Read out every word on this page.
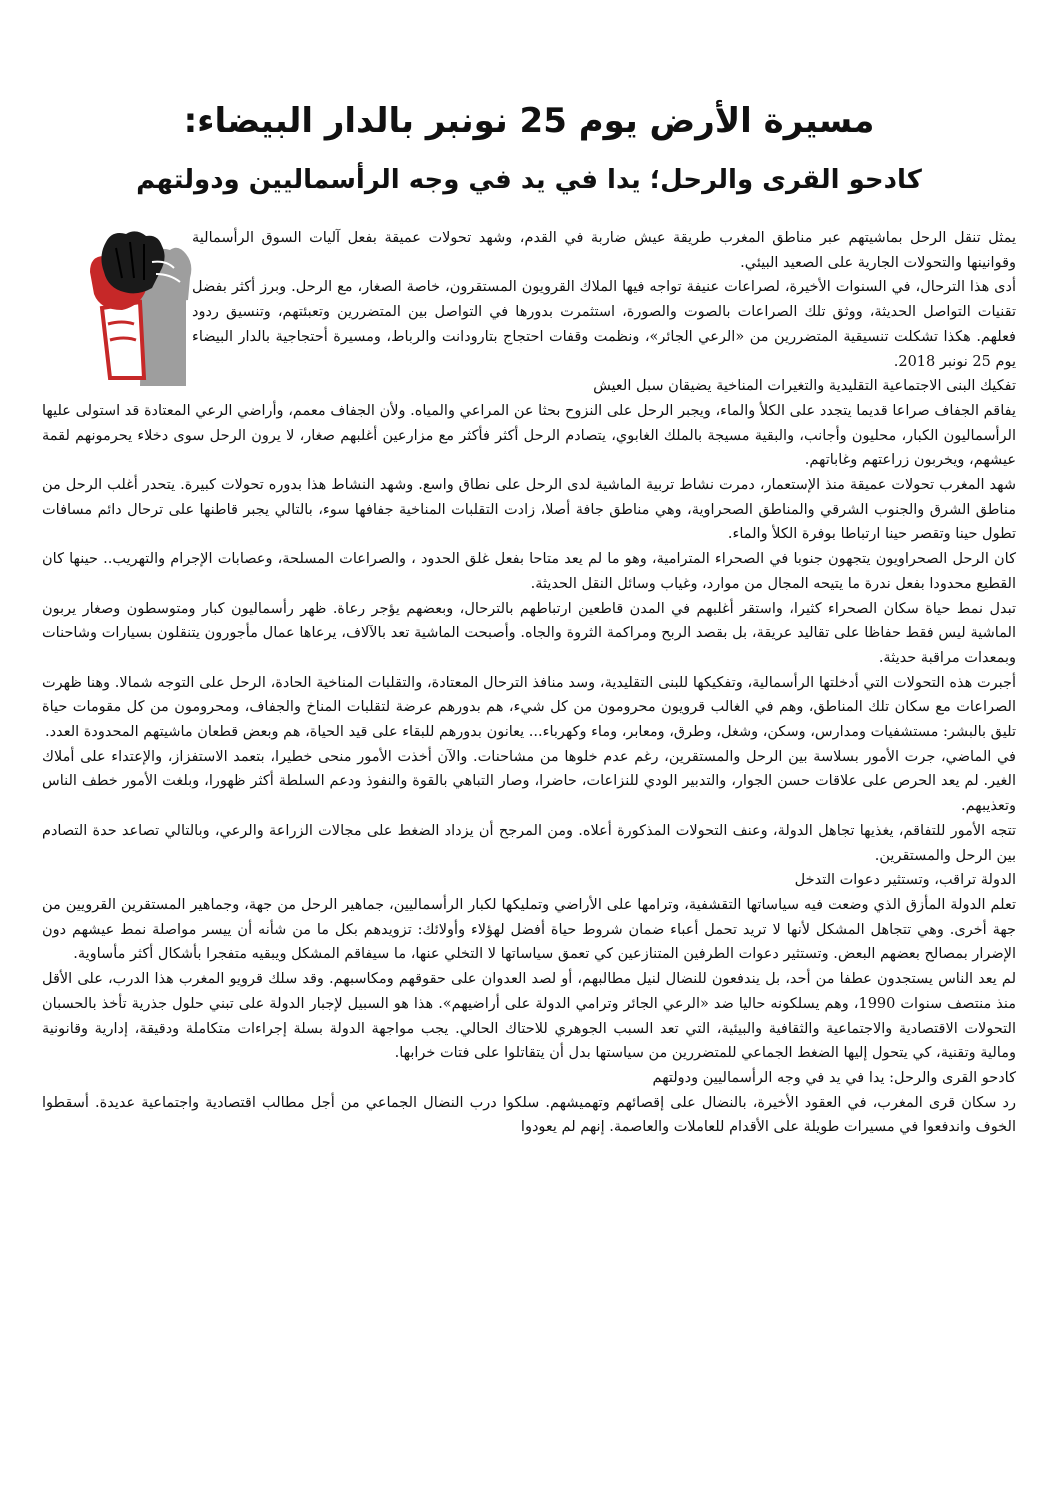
مسيرة الأرض يوم 25 نونبر بالدار البيضاء:
كادحو القرى والرحل؛ يدا في يد في وجه الرأسماليين ودولتهم

يمثل تنقل الرحل بماشيتهم عبر مناطق المغرب طريقة عيش ضاربة في القدم، وشهد تحولات عميقة بفعل آليات السوق الرأسمالية وقوانينها والتحولات الجارية على الصعيد البيئي.

أدى هذا الترحال، في السنوات الأخيرة، لصراعات عنيفة تواجه فيها الملاك القرويون المستقرون، خاصة الصغار، مع الرحل. وبرز أكثر بفضل تقنيات التواصل الحديثة، ووثق تلك الصراعات بالصوت والصورة، استثمرت بدورها في التواصل بين المتضررين وتعبئتهم، وتنسيق ردود فعلهم. هكذا تشكلت تنسيقية المتضررين من «الرعي الجائر»، ونظمت وقفات احتجاج بتارودانت والرباط، ومسيرة أحتجاجية بالدار البيضاء يوم 25 نونبر 2018.

تفكيك البنى الاجتماعية التقليدية والتغيرات المناخية يضيقان سبل العيش

يفاقم الجفاف صراعا قديما يتجدد على الكلأ والماء، ويجبر الرحل على النزوح بحثا عن المراعي والمياه. ولأن الجفاف معمم، وأراضي الرعي المعتادة قد استولى عليها الرأسماليون الكبار، محليون وأجانب، والبقية مسيجة بالملك الغابوي، يتصادم الرحل أكثر فأكثر مع مزارعين أغلبهم صغار، لا يرون الرحل سوى دخلاء يحرمونهم لقمة عيشهم، ويخربون زراعتهم وغاباتهم.

شهد المغرب تحولات عميقة منذ الإستعمار، دمرت نشاط تربية الماشية لدى الرحل على نطاق واسع. وشهد النشاط هذا بدوره تحولات كبيرة. يتحدر أغلب الرحل من مناطق الشرق والجنوب الشرقي والمناطق الصحراوية، وهي مناطق جافة أصلا، زادت التقلبات المناخية جفافها سوء، بالتالي يجبر قاطنها على ترحال دائم مسافات تطول حينا وتقصر حينا ارتباطا بوفرة الكلأ والماء.

كان الرحل الصحراويون يتجهون جنوبا في الصحراء المترامية، وهو ما لم يعد متاحا بفعل غلق الحدود ، والصراعات المسلحة، وعصابات الإجرام والتهريب.. حينها كان القطيع محدودا بفعل ندرة ما يتيحه المجال من موارد، وغياب وسائل النقل الحديثة.

تبدل نمط حياة سكان الصحراء كثيرا، واستقر أغلبهم في المدن قاطعين ارتباطهم بالترحال، وبعضهم يؤجر رعاة. ظهر رأسماليون كبار ومتوسطون وصغار يربون الماشية ليس فقط حفاظا على تقاليد عريقة، بل بقصد الربح ومراكمة الثروة والجاه. وأصبحت الماشية تعد بالآلاف، يرعاها عمال مأجورون يتنقلون بسيارات وشاحنات وبمعدات مراقبة حديثة.

أجبرت هذه التحولات التي أدخلتها الرأسمالية، وتفكيكها للبنى التقليدية، وسد منافذ الترحال المعتادة، والتقلبات المناخية الحادة، الرحل على التوجه شمالا. وهنا ظهرت الصراعات مع سكان تلك المناطق، وهم في الغالب قرويون محرومون من كل شيء، هم بدورهم عرضة لتقلبات المناخ والجفاف، ومحرومون من كل مقومات حياة تليق بالبشر: مستشفيات ومدارس، وسكن، وشغل، وطرق، ومعابر، وماء وكهرباء... يعانون بدورهم للبقاء على قيد الحياة، هم وبعض قطعان ماشيتهم المحدودة العدد.

في الماضي، جرت الأمور بسلاسة بين الرحل والمستقرين، رغم عدم خلوها من مشاحنات. والآن أخذت الأمور منحى خطيرا، بتعمد الاستفزاز، والإعتداء على أملاك الغير. لم يعد الحرص على علاقات حسن الجوار، والتدبير الودي للنزاعات، حاضرا، وصار التباهي بالقوة والنفوذ ودعم السلطة أكثر ظهورا، وبلغت الأمور خطف الناس وتعذيبهم.

تتجه الأمور للتفاقم، يغذيها تجاهل الدولة، وعنف التحولات المذكورة أعلاه. ومن المرجح أن يزداد الضغط على مجالات الزراعة والرعي، وبالتالي تصاعد حدة التصادم بين الرحل والمستقرين.

الدولة تراقب، وتستثير دعوات التدخل

تعلم الدولة المأزق الذي وضعت فيه سياساتها التقشفية، وترامها على الأراضي وتمليكها لكبار الرأسماليين، جماهير الرحل من جهة، وجماهير المستقرين القرويين من جهة أخرى. وهي تتجاهل المشكل لأنها لا تريد تحمل أعباء ضمان شروط حياة أفضل لهؤلاء وأولائك: تزويدهم بكل ما من شأنه أن ييسر مواصلة نمط عيشهم دون الإضرار بمصالح بعضهم البعض. وتستثير دعوات الطرفين المتنازعين كي تعمق سياساتها لا التخلي عنها، ما سيفاقم المشكل ويبقيه متفجرا بأشكال أكثر مأساوية.

لم يعد الناس يستجدون عطفا من أحد، بل يندفعون للنضال لنيل مطالبهم، أو لصد العدوان على حقوقهم ومكاسبهم. وقد سلك قرويو المغرب هذا الدرب، على الأقل منذ منتصف سنوات 1990، وهم يسلكونه حاليا ضد «الرعي الجائر وترامي الدولة على أراضيهم». هذا هو السبيل لإجبار الدولة على تبني حلول جذرية تأخذ بالحسبان التحولات الاقتصادية والاجتماعية والثقافية والبيئية، التي تعد السبب الجوهري للاحتاك الحالي. يجب مواجهة الدولة بسلة إجراءات متكاملة ودقيقة، إدارية وقانونية ومالية وتقنية، كي يتحول إليها الضغط الجماعي للمتضررين من سياستها بدل أن يتقاتلوا على فتات خرابها.

كادحو القرى والرحل: يدا في يد في وجه الرأسماليين ودولتهم

رد سكان قرى المغرب، في العقود الأخيرة، بالنضال على إقصائهم وتهميشهم. سلكوا درب النضال الجماعي من أجل مطالب اقتصادية واجتماعية عديدة. أسقطوا الخوف واندفعوا في مسيرات طويلة على الأقدام للعاملات والعاصمة. إنهم لم يعودوا
